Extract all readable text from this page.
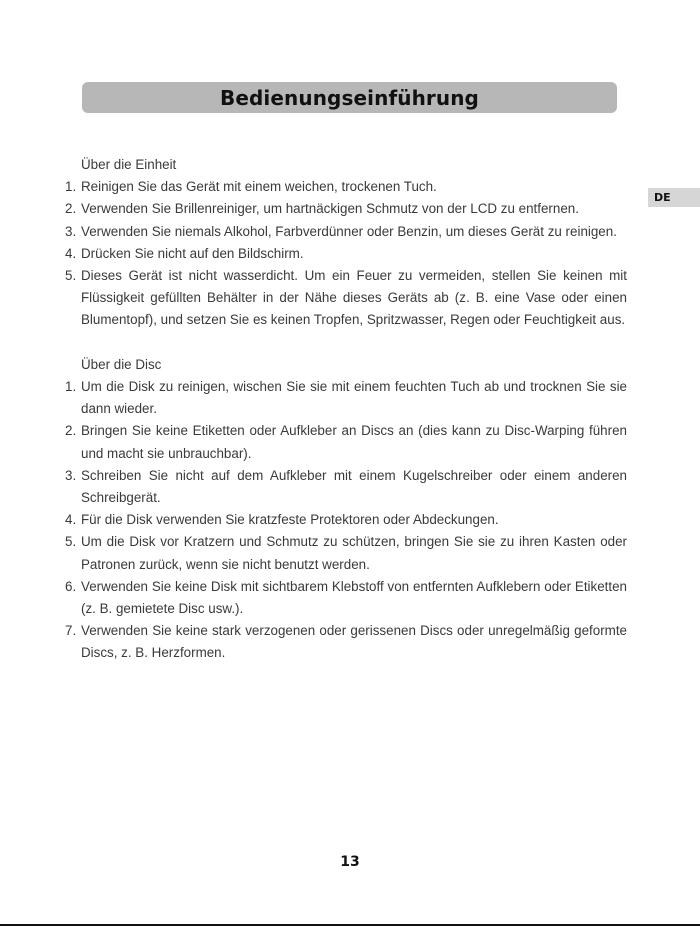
Bedienungseinführung
DE

Über die Einheit

1. Reinigen Sie das Gerät mit einem weichen, trockenen Tuch.
2. Verwenden Sie Brillenreiniger, um hartnäckigen Schmutz von der LCD zu entfernen.
3. Verwenden Sie niemals Alkohol, Farbverdünner oder Benzin, um dieses Gerät zu reinigen.
4. Drücken Sie nicht auf den Bildschirm.
5. Dieses Gerät ist nicht wasserdicht. Um ein Feuer zu vermeiden, stellen Sie keinen mit Flüssigkeit gefüllten Behälter in der Nähe dieses Geräts ab (z. B. eine Vase oder einen Blumentopf), und setzen Sie es keinen Tropfen, Spritzwasser, Regen oder Feuchtigkeit aus.

Über die Disc

1. Um die Disk zu reinigen, wischen Sie sie mit einem feuchten Tuch ab und trocknen Sie sie dann wieder.
2. Bringen Sie keine Etiketten oder Aufkleber an Discs an (dies kann zu Disc-Warping führen und macht sie unbrauchbar).
3. Schreiben Sie nicht auf dem Aufkleber mit einem Kugelschreiber oder einem anderen Schreibgerät.
4. Für die Disk verwenden Sie kratzfeste Protektoren oder Abdeckungen.
5. Um die Disk vor Kratzern und Schmutz zu schützen, bringen Sie sie zu ihren Kasten oder Patronen zurück, wenn sie nicht benutzt werden.
6. Verwenden Sie keine Disk mit sichtbarem Klebstoff von entfernten Aufklebern oder Etiketten (z. B. gemietete Disc usw.).
7. Verwenden Sie keine stark verzogenen oder gerissenen Discs oder unregelmäßig geformte Discs, z. B. Herzformen.
13
